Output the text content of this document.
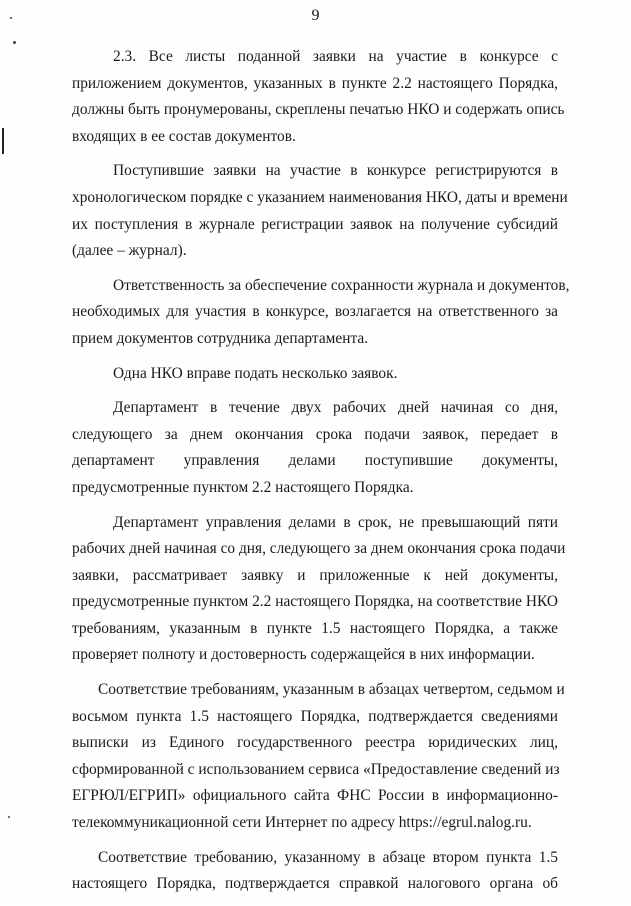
9
2.3. Все листы поданной заявки на участие в конкурсе с
приложением документов, указанных в пункте 2.2 настоящего Порядка,
должны быть пронумерованы, скреплены печатью НКО и содержать опись
входящих в ее состав документов.
Поступившие заявки на участие в конкурсе регистрируются в
хронологическом порядке с указанием наименования НКО, даты и времени
их поступления в журнале регистрации заявок на получение субсидий
(далее – журнал).
Ответственность за обеспечение сохранности журнала и документов,
необходимых для участия в конкурсе, возлагается на ответственного за
прием документов сотрудника департамента.
Одна НКО вправе подать несколько заявок.
Департамент в течение двух рабочих дней начиная со дня,
следующего за днем окончания срока подачи заявок, передает в
департамент управления делами поступившие документы,
предусмотренные пунктом 2.2 настоящего Порядка.
Департамент управления делами в срок, не превышающий пяти
рабочих дней начиная со дня, следующего за днем окончания срока подачи
заявки, рассматривает заявку и приложенные к ней документы,
предусмотренные пунктом 2.2 настоящего Порядка, на соответствие НКО
требованиям, указанным в пункте 1.5 настоящего Порядка, а также
проверяет полноту и достоверность содержащейся в них информации.
Соответствие требованиям, указанным в абзацах четвертом, седьмом и
восьмом пункта 1.5 настоящего Порядка, подтверждается сведениями
выписки из Единого государственного реестра юридических лиц,
сформированной с использованием сервиса «Предоставление сведений из
ЕГРЮЛ/ЕГРИП» официального сайта ФНС России в информационно-
телекоммуникационной сети Интернет по адресу https://egrul.nalog.ru.
Соответствие требованию, указанному в абзаце втором пункта 1.5
настоящего Порядка, подтверждается справкой налогового органа об
